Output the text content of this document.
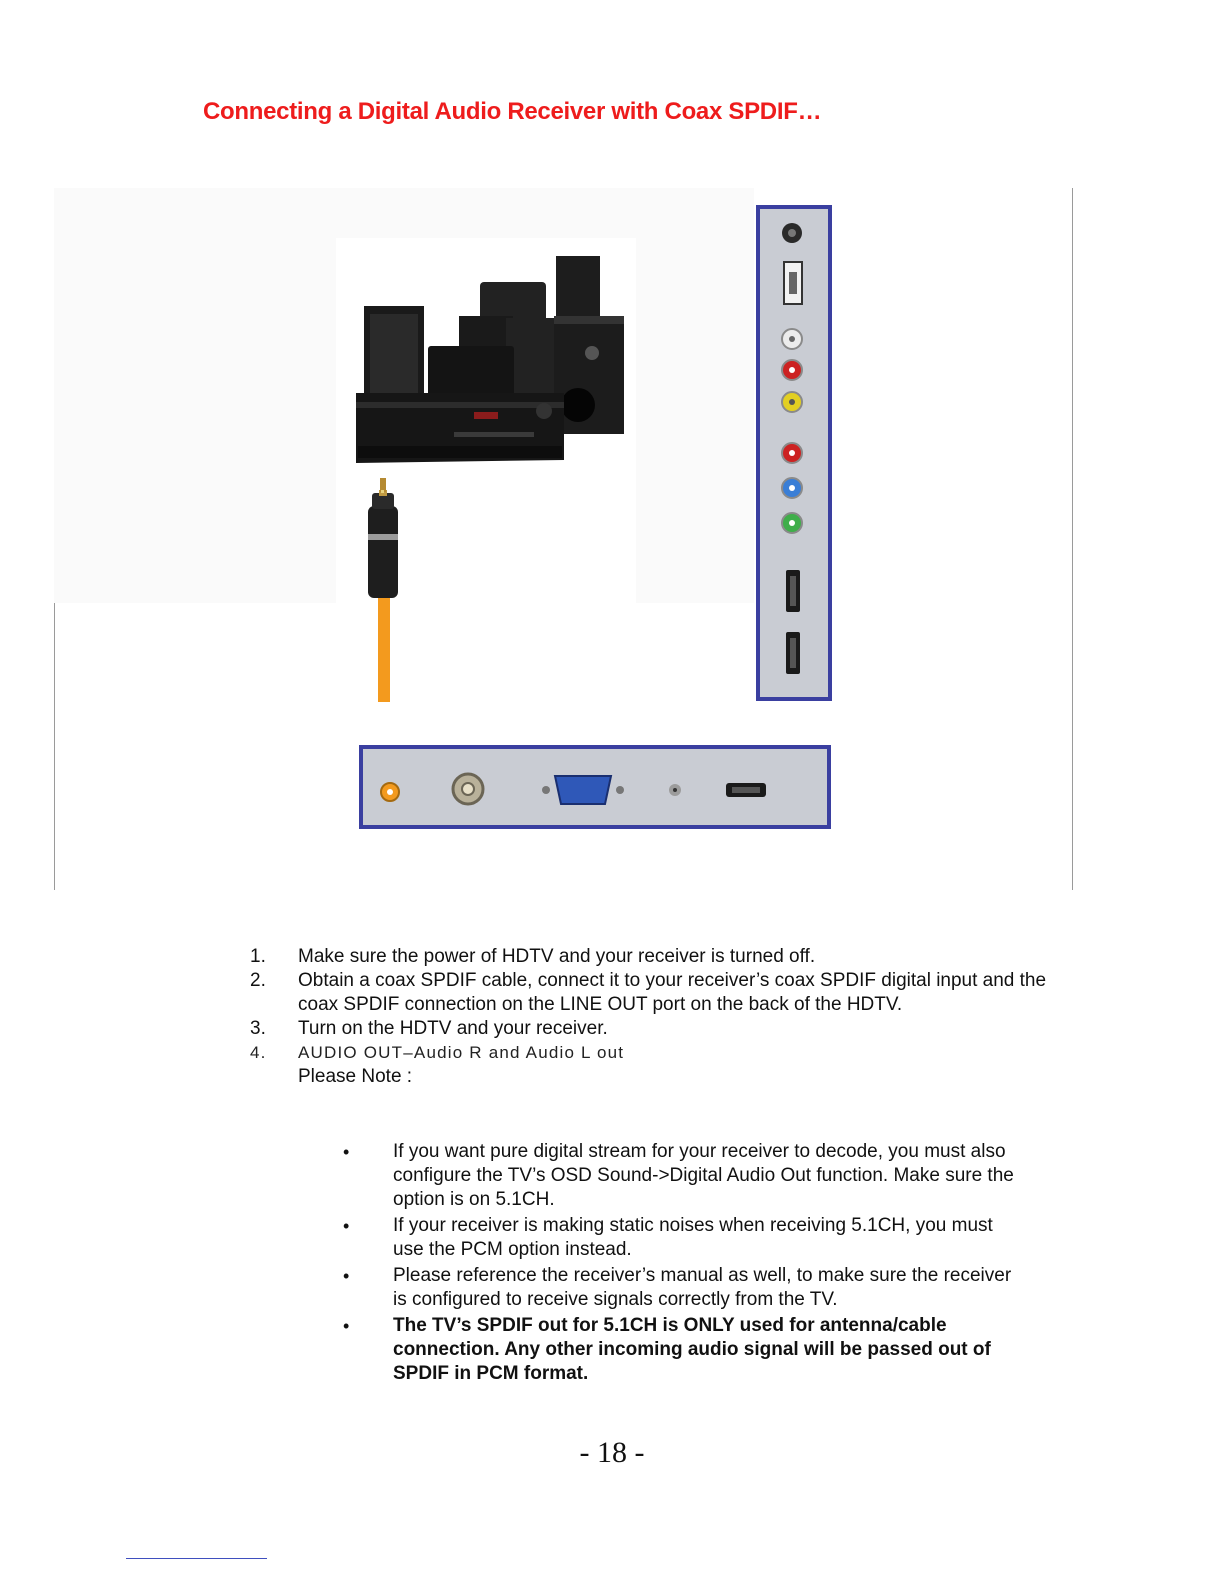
Connecting a Digital Audio Receiver with Coax SPDIF…

1. Make sure the power of HDTV and your receiver is turned off.

2. Obtain a coax SPDIF cable, connect it to your receiver’s coax SPDIF digital input and the coax SPDIF connection on the LINE OUT port on the back of the HDTV.

3. Turn on the HDTV and your receiver.

4. AUDIO OUT–Audio R and Audio L out

Please Note :

• If you want pure digital stream for your receiver to decode, you must also configure the TV’s OSD Sound->Digital Audio Out function. Make sure the option is on 5.1CH.

• If your receiver is making static noises when receiving 5.1CH, you must use the PCM option instead.

• Please reference the receiver’s manual as well, to make sure the receiver is configured to receive signals correctly from the TV.

• The TV’s SPDIF out for 5.1CH is ONLY used for antenna/cable connection. Any other incoming audio signal will be passed out of SPDIF in PCM format.

- 18 -
